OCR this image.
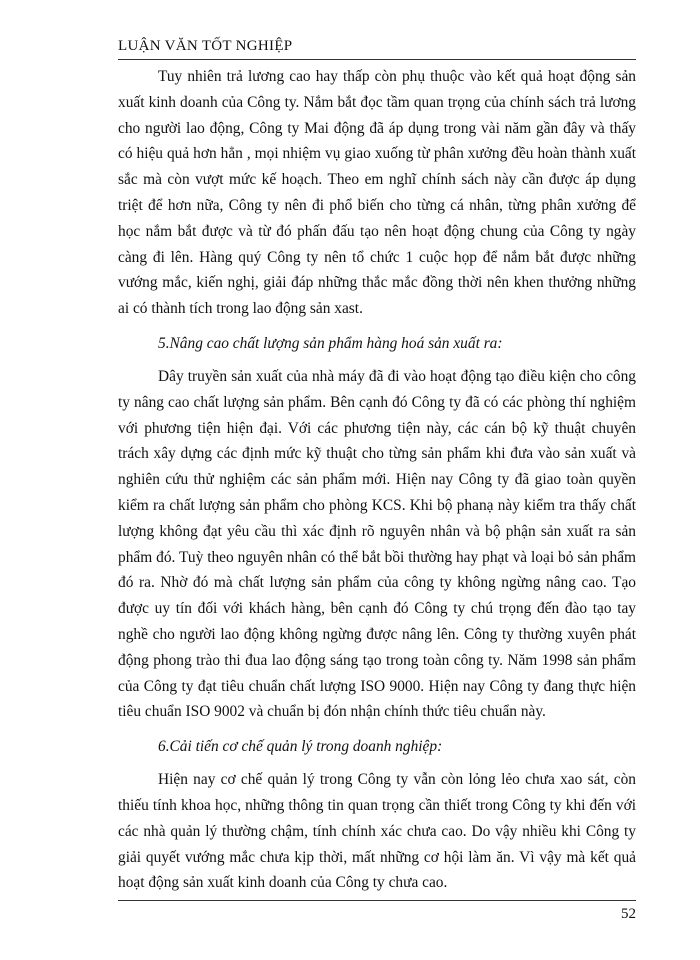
LUẬN VĂN TỐT NGHIỆP

Tuy nhiên trả lương cao hay thấp còn phụ thuộc vào kết quả hoạt động sản xuất kinh doanh của Công ty. Nắm bắt đọc tầm quan trọng của chính sách trả lương cho người lao động, Công ty Mai động đã áp dụng trong vài năm gần đây và thấy có hiệu quả hơn hẳn , mọi nhiệm vụ giao xuống từ phân xưởng đều hoàn thành xuất sắc mà còn vượt mức kế hoạch. Theo em nghĩ chính sách này cần được áp dụng triệt để hơn nữa, Công ty nên đi phổ biến cho từng cá nhân, từng phân xưởng để học nắm bắt được và từ đó phấn đấu tạo nên hoạt động chung của Công ty ngày càng đi lên. Hàng quý Công ty nên tổ chức 1 cuộc họp để nắm bắt được những vướng mắc, kiến nghị, giải đáp những thắc mắc đồng thời nên khen thưởng những ai có thành tích trong lao động sản xast.

5.Nâng cao chất lượng sản phẩm hàng hoá sản xuất ra:

Dây truyền sản xuất của nhà máy đã đi vào hoạt động tạo điều kiện cho công ty nâng cao chất lượng sản phẩm. Bên cạnh đó Công ty đã có các phòng thí nghiệm với phương tiện hiện đại. Với các phương tiện này, các cán bộ kỹ thuật chuyên trách xây dựng các định mức kỹ thuật cho từng sản phẩm khi đưa vào sản xuất và nghiên cứu thử nghiệm các sản phẩm mới. Hiện nay Công ty đã giao toàn quyền kiểm ra chất lượng sản phẩm cho phòng KCS. Khi bộ phanạ này kiểm tra thấy chất lượng không đạt yêu cầu thì xác định rõ nguyên nhân và bộ phận sản xuất ra sản phẩm đó. Tuỳ theo nguyên nhân có thể bắt bồi thường hay phạt và loại bỏ sản phẩm đó ra. Nhờ đó mà chất lượng sản phẩm của công ty không ngừng nâng cao. Tạo được uy tín đối với khách hàng, bên cạnh đó Công ty chú trọng đến đào tạo tay nghề cho người lao động không ngừng được nâng lên. Công ty thường xuyên phát động phong trào thi đua lao động sáng tạo trong toàn công ty. Năm 1998 sản phẩm của Công ty đạt tiêu chuẩn chất lượng ISO 9000. Hiện nay Công ty đang thực hiện tiêu chuẩn ISO 9002 và chuẩn bị đón nhận chính thức tiêu chuẩn này.

6.Cải tiến cơ chế quản lý trong doanh nghiệp:

Hiện nay cơ chế quản lý trong Công ty vẫn còn lỏng lẻo chưa xao sát, còn thiếu tính khoa học, những thông tin quan trọng cần thiết trong Công ty khi đến với các nhà quản lý thường chậm, tính chính xác chưa cao. Do vậy nhiều khi Công ty giải quyết vướng mắc chưa kịp thời, mất những cơ hội làm ăn. Vì vậy mà kết quả hoạt động sản xuất kinh doanh của Công ty chưa cao.

52
